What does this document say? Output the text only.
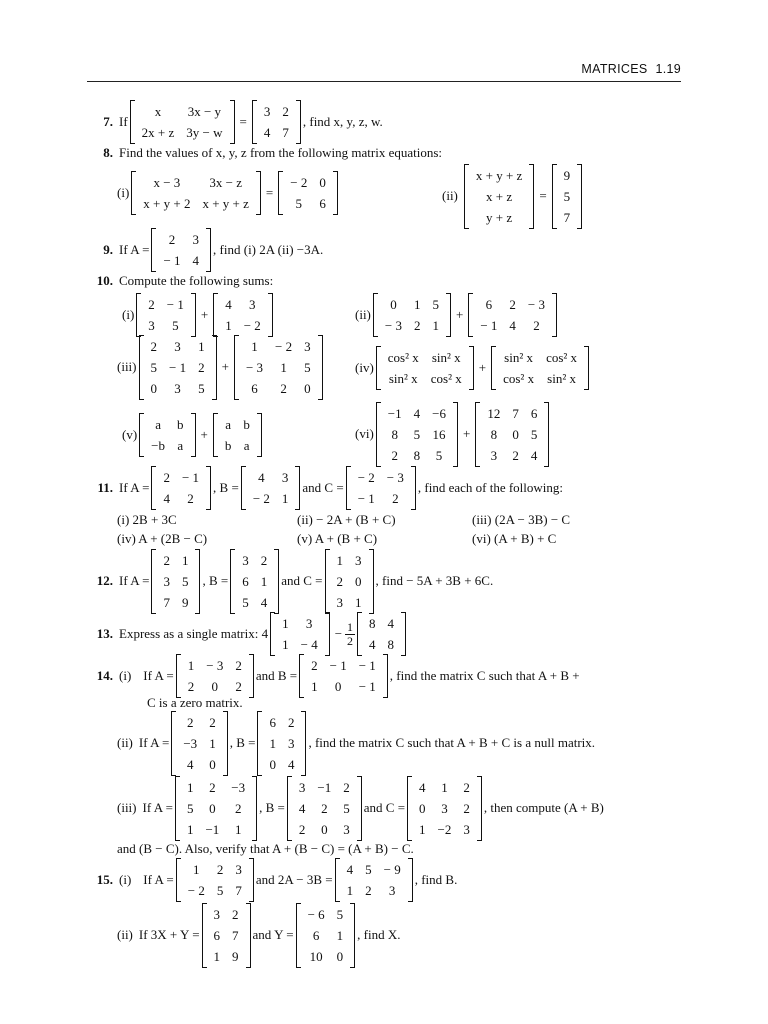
MATRICES 1.19
7. If
x	3x − y
2x + z	3y − w
=
3	2
4	7
, find x, y, z, w.
8. Find the values of x, y, z from the following matrix equations:
(i)
x − 3	3x − z
x + y + 2	x + y + z
=
− 2	0
5	6
(ii)
x + y + z
x + z
y + z
=
9
5
7
9. If A =
2	3
− 1	4
, find (i) 2A (ii) −3A.
10. Compute the following sums:
(i)
2	− 1
3	5
+
4	3
1	− 2
(ii)
0	1	5
− 3	2	1
+
6	2	− 3
− 1	4	2
(iii)
2	3	1
5	− 1	2
0	3	5
+
1	− 2	3
− 3	1	5
6	2	0
(iv)
cos² x	sin² x
sin² x	cos² x
+
sin² x	cos² x
cos² x	sin² x
(v)
a	b
−b	a
+
a	b
b	a
(vi)
−1	4	−6
8	5	16
2	8	5
+
12	7	6
8	0	5
3	2	4
11. If A =
2	− 1
4	2
, B =
4	3
− 2	1
and C =
− 2	− 3
− 1	2
, find each of the following:
(i) 2B + 3C	(ii) − 2A + (B + C)	(iii) (2A − 3B) − C
(iv) A + (2B − C)	(v) A + (B + C)	(vi) (A + B) + C
12. If A =
2	1
3	5
7	9
, B =
3	2
6	1
5	4
and C =
1	3
2	0
3	1
, find − 5A + 3B + 6C.
13. Express as a single matrix: 4
1	3
1	− 4
− $\frac{1}{2} 8$	4
4	8
14. (i) If A =
1	− 3	2
2	0	2
and B =
2	− 1	− 1
1	0	− 1
, find the matrix C such that A + B +
C is a zero matrix.
(ii) If A =
2	2
−3	1
4	0
, B =
6	2
1	3
0	4
, find the matrix C such that A + B + C is a null matrix.
(iii) If A =
1	2	−3
5	0	2
1	−1	1
, B =
3	−1	2
4	2	5
2	0	3
and C =
4	1	2
0	3	2
1	−2	3
, then compute (A + B)
and (B − C). Also, verify that A + (B − C) = (A + B) − C.
15. (i) If A =
1	2	3
− 2	5	7
and 2A − 3B =
4	5	− 9
1	2	3
, find B.
(ii) If 3X + Y =
3	2
6	7
1	9
and Y =
− 6	5
6	1
10	0
, find X.
